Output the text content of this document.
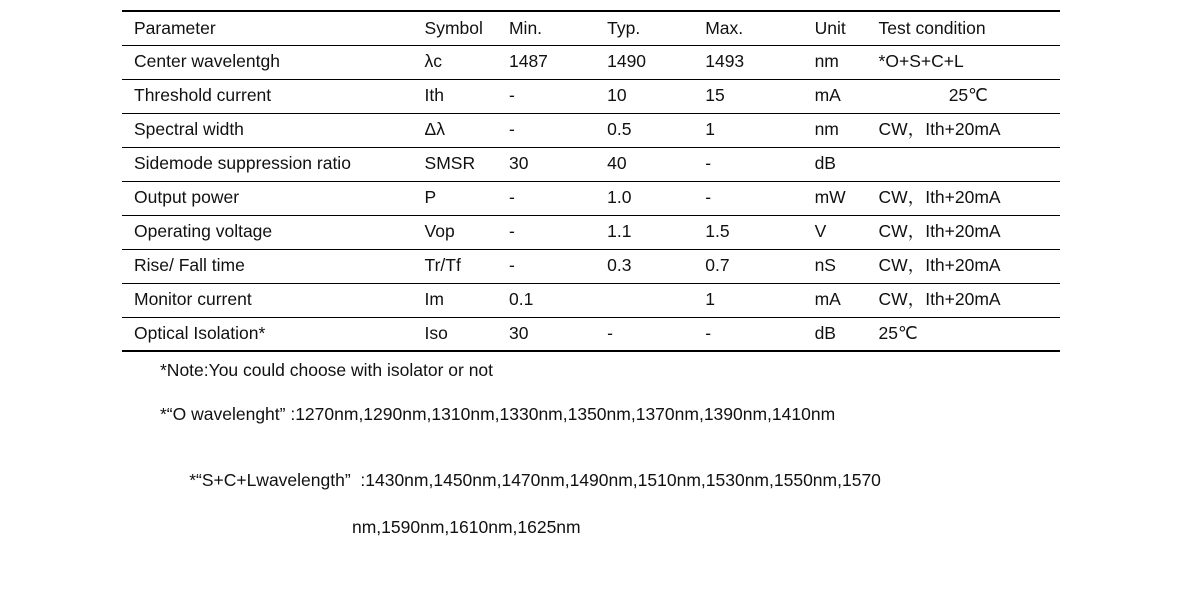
Parameter	Symbol	Min.	Typ.	Max.	Unit	Test condition
Center wavelentgh	λc	1487	1490	1493	nm	*O+S+C+L
Threshold current	Ith	-	10	15	mA	25℃
Spectral width	Δλ	-	0.5	1	nm	CW，Ith+20mA
Sidemode suppression ratio	SMSR	30	40	-	dB	
Output power	P	-	1.0	-	mW	CW，Ith+20mA
Operating voltage	Vop	-	1.1	1.5	V	CW，Ith+20mA
Rise/ Fall time	Tr/Tf	-	0.3	0.7	nS	CW，Ith+20mA
Monitor current	Im	0.1		1	mA	CW，Ith+20mA
Optical Isolation*	Iso	30	-	-	dB	25℃
*Note:You could choose with isolator or not
*“O wavelenght” :1270nm,1290nm,1310nm,1330nm,1350nm,1370nm,1390nm,1410nm

*“S+C+Lwavelength”  :1430nm,1450nm,1470nm,1490nm,1510nm,1530nm,1550nm,1570

nm,1590nm,1610nm,1625nm
